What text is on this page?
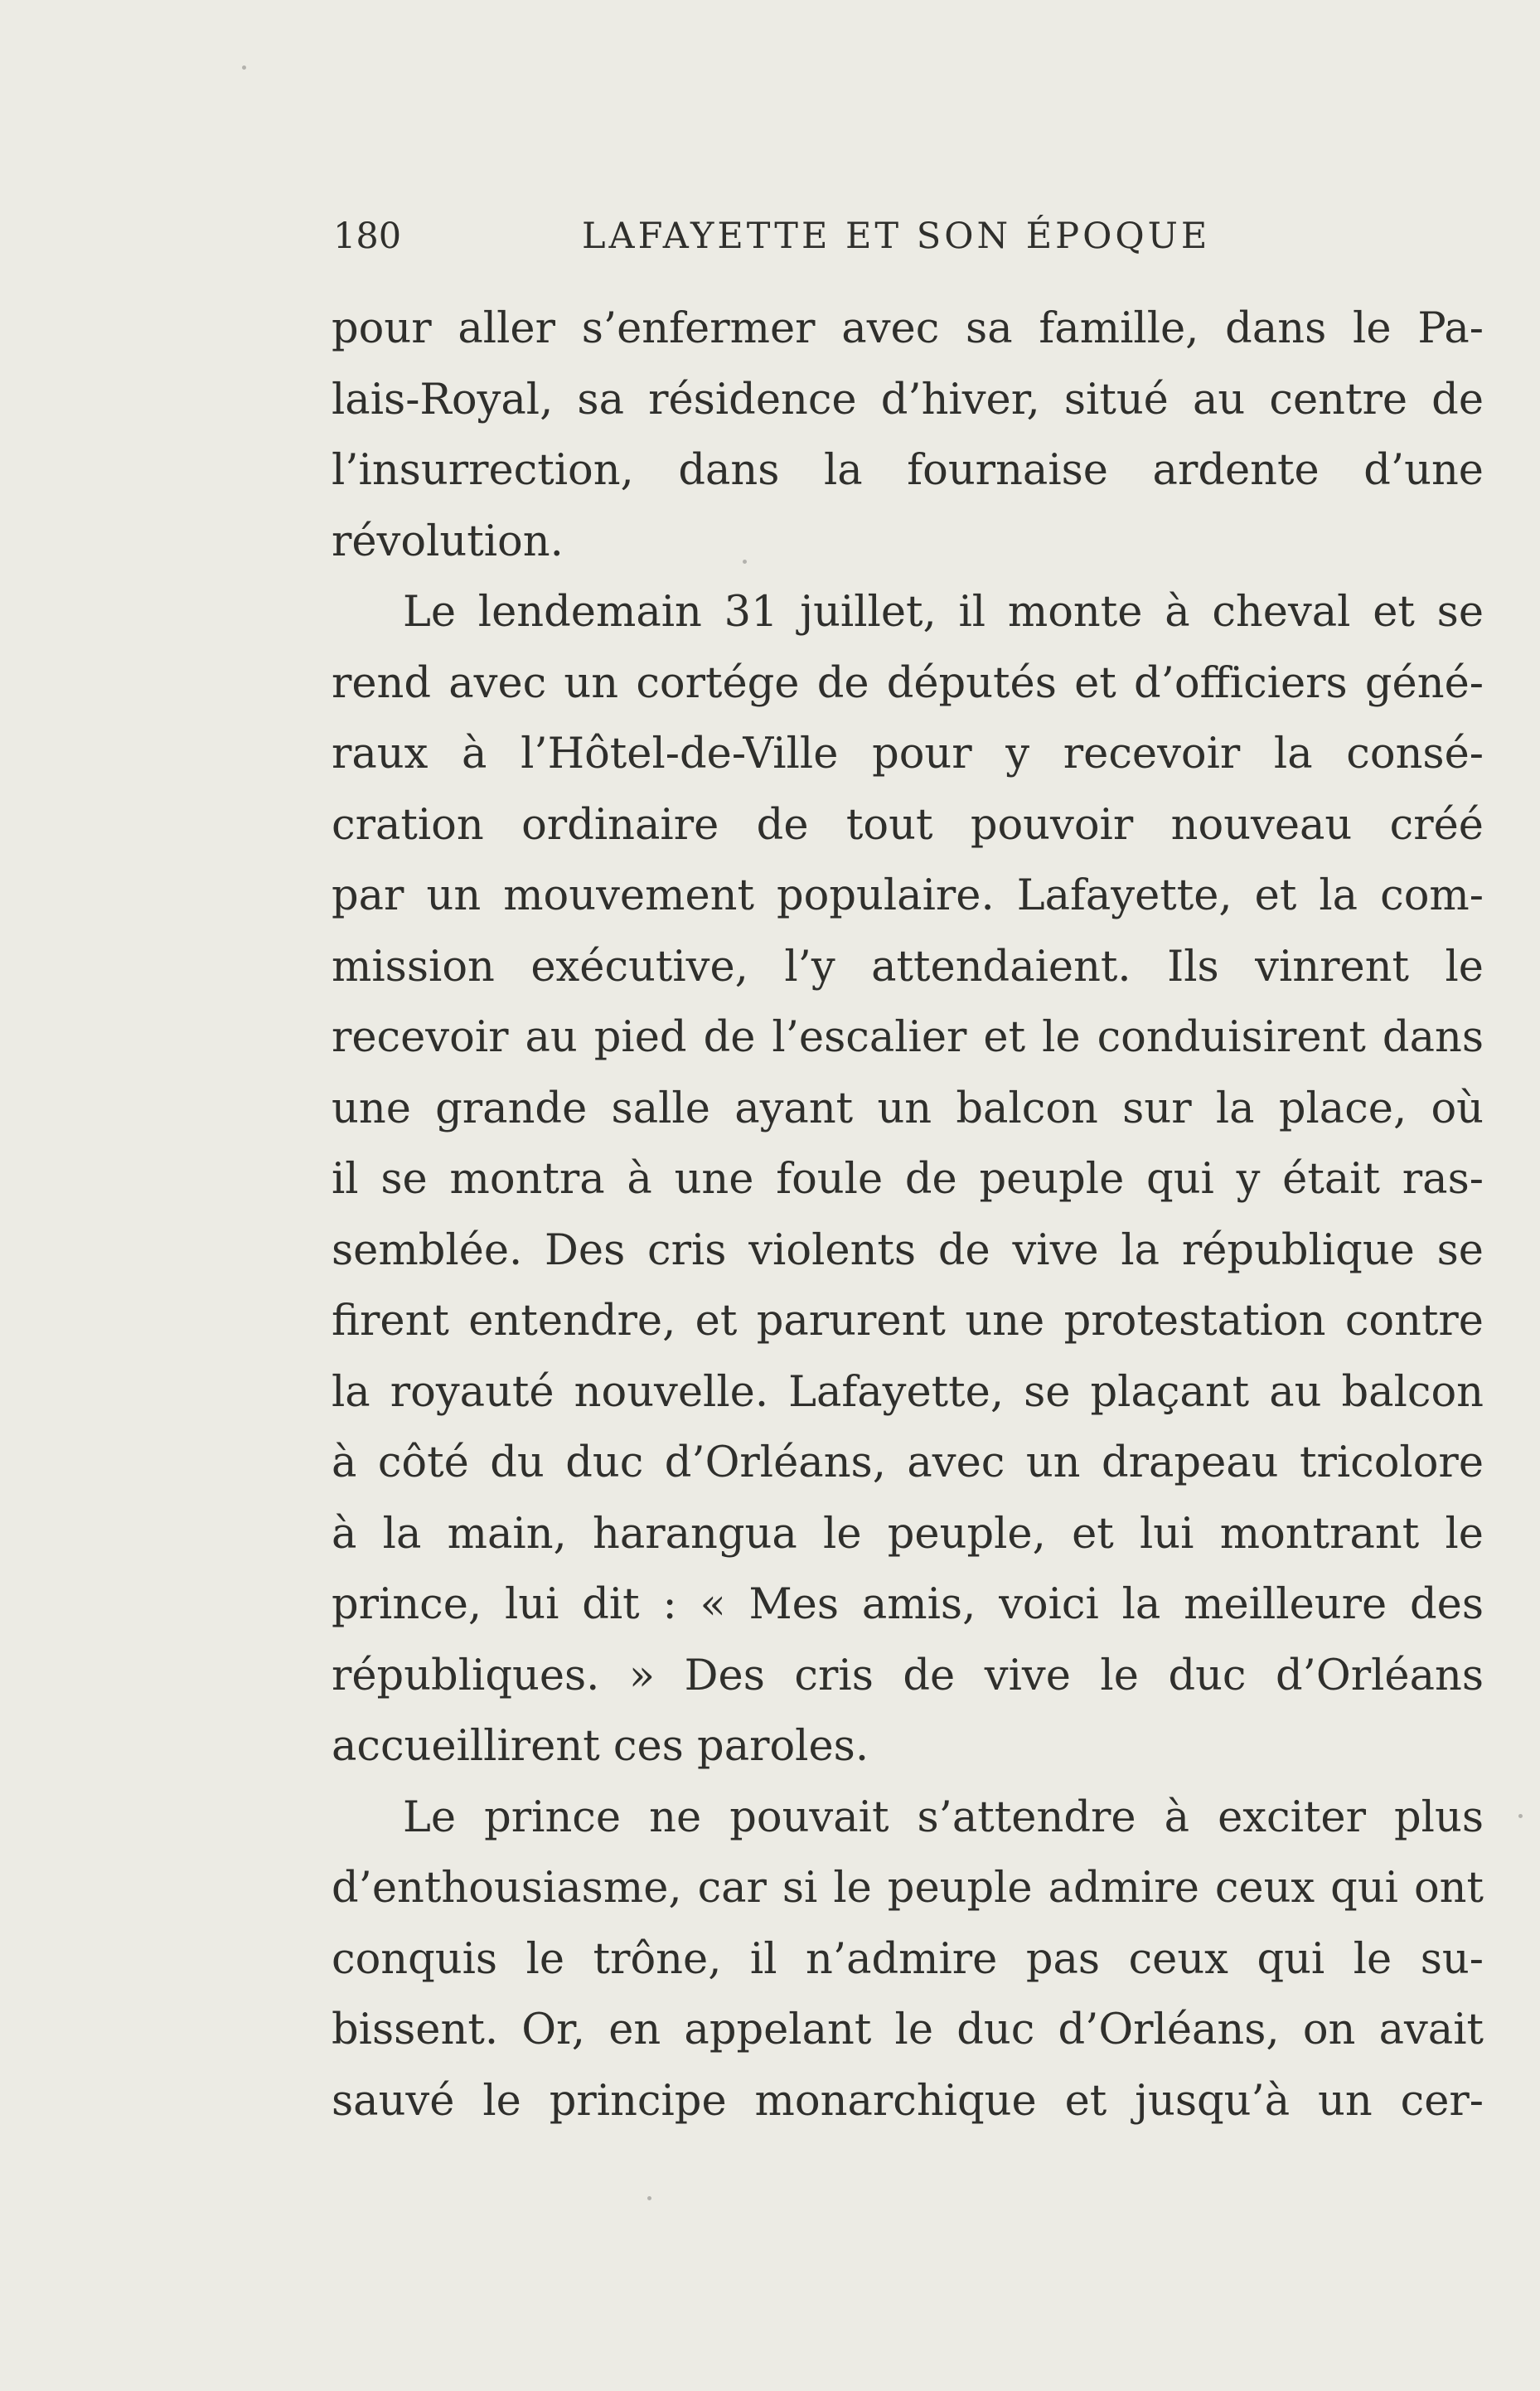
180	LAFAYETTE ET SON ÉPOQUE
pour aller s’enfermer avec sa famille, dans le Pa-
lais-Royal, sa résidence d’hiver, situé au centre de
l’insurrection, dans la fournaise ardente d’une
révolution.
Le lendemain 31 juillet, il monte à cheval et se
rend avec un cortége de députés et d’officiers géné-
raux à l’Hôtel-de-Ville pour y recevoir la consé-
cration ordinaire de tout pouvoir nouveau créé
par un mouvement populaire. Lafayette, et la com-
mission exécutive, l’y attendaient. Ils vinrent le
recevoir au pied de l’escalier et le conduisirent dans
une grande salle ayant un balcon sur la place, où
il se montra à une foule de peuple qui y était ras-
semblée. Des cris violents de vive la république se
firent entendre, et parurent une protestation contre
la royauté nouvelle. Lafayette, se plaçant au balcon
à côté du duc d’Orléans, avec un drapeau tricolore
à la main, harangua le peuple, et lui montrant le
prince, lui dit : « Mes amis, voici la meilleure des
républiques. » Des cris de vive le duc d’Orléans
accueillirent ces paroles.
Le prince ne pouvait s’attendre à exciter plus
d’enthousiasme, car si le peuple admire ceux qui ont
conquis le trône, il n’admire pas ceux qui le su-
bissent. Or, en appelant le duc d’Orléans, on avait
sauvé le principe monarchique et jusqu’à un cer-
